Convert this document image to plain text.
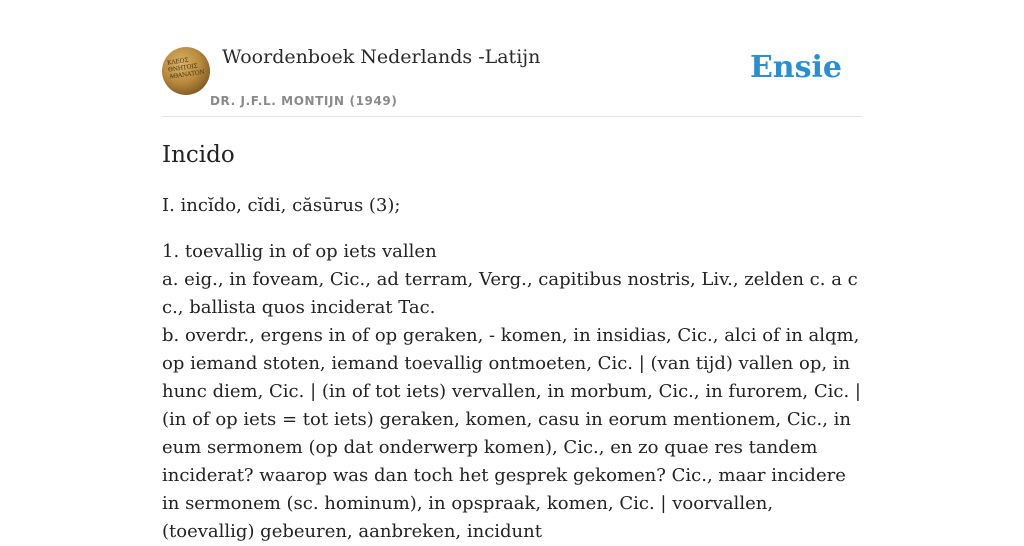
ΚΛΕΟΣ ΘΝΗΤΟΙΣ ΑΘΑΝΑΤΟΝ
Woordenboek Nederlands -Latijn
DR. J.F.L. MONTIJN (1949)
Ensie
Incido
I. incĭdo, cĭdi, căsūrus (3);

1. toevallig in of op iets vallen

a. eig., in foveam, Cic., ad terram, Verg., capitibus nostris, Liv., zelden c. a c c., ballista quos inciderat Tac.

b. overdr., ergens in of op geraken, - komen, in insidias, Cic., alci of in alqm, op iemand stoten, iemand toevallig ontmoeten, Cic. | (van tijd) vallen op, in hunc diem, Cic. | (in of tot iets) vervallen, in morbum, Cic., in furorem, Cic. | (in of op iets = tot iets) geraken, komen, casu in eorum mentionem, Cic., in eum sermonem (op dat onderwerp komen), Cic., en zo quae res tandem inciderat? waarop was dan toch het gesprek gekomen? Cic., maar incidere in sermonem (sc. hominum), in opspraak, komen, Cic. | voorvallen, (toevallig) gebeuren, aanbreken, incidunt
